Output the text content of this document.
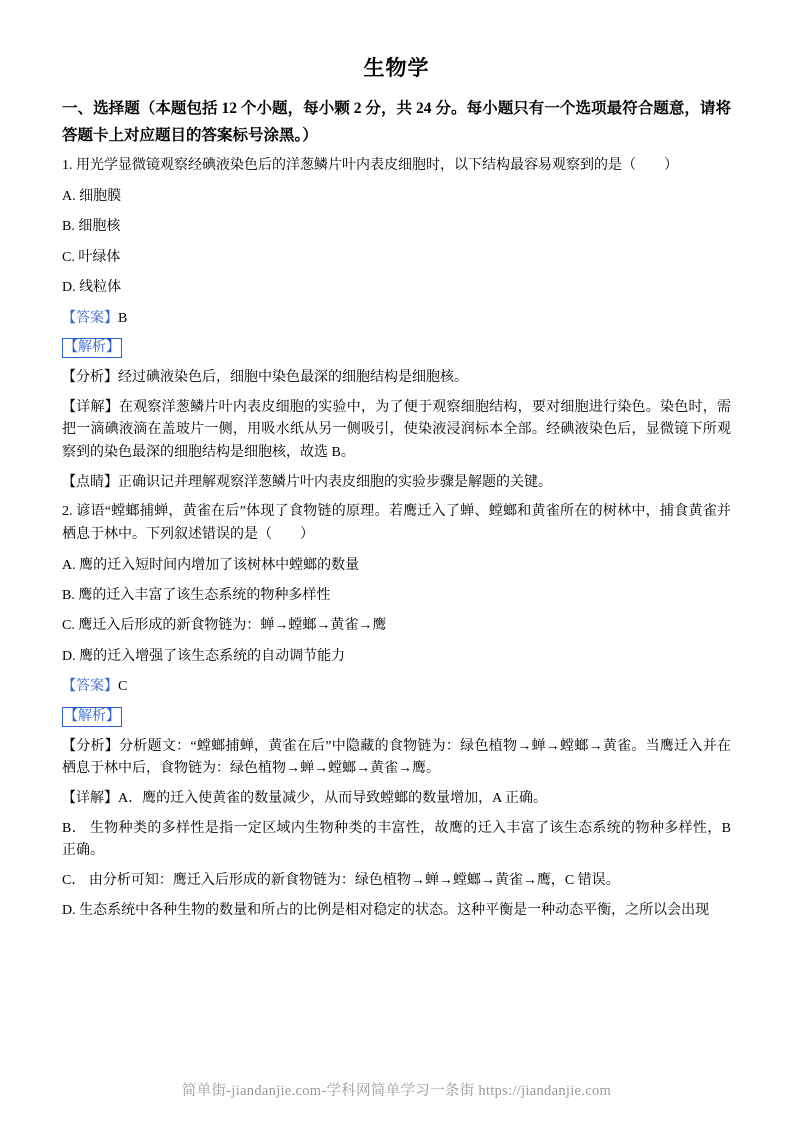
生物学

一、选择题（本题包括 12 个小题，每小颗 2 分，共 24 分。每小题只有一个选项最符合题意，请将答题卡上对应题目的答案标号涂黑。）

1. 用光学显微镜观察经碘液染色后的洋葱鳞片叶内表皮细胞时，以下结构最容易观察到的是（　　）

A. 细胞膜

B. 细胞核

C. 叶绿体

D. 线粒体

【答案】B

【解析】

【分析】经过碘液染色后，细胞中染色最深的细胞结构是细胞核。

【详解】在观察洋葱鳞片叶内表皮细胞的实验中，为了便于观察细胞结构，要对细胞进行染色。染色时，需把一滴碘液滴在盖玻片一侧，用吸水纸从另一侧吸引，使染液浸润标本全部。经碘液染色后，显微镜下所观察到的染色最深的细胞结构是细胞核，故选 B。

【点睛】正确识记并理解观察洋葱鳞片叶内表皮细胞的实验步骤是解题的关键。

2. 谚语“螳螂捕蝉，黄雀在后”体现了食物链的原理。若鹰迁入了蝉、螳螂和黄雀所在的树林中，捕食黄雀并栖息于林中。下列叙述错误的是（　　）

A. 鹰的迁入短时间内增加了该树林中螳螂的数量

B. 鹰的迁入丰富了该生态系统的物种多样性

C. 鹰迁入后形成的新食物链为：蝉→螳螂→黄雀→鹰

D. 鹰的迁入增强了该生态系统的自动调节能力

【答案】C

【解析】

【分析】分析题文：“螳螂捕蝉，黄雀在后”中隐藏的食物链为：绿色植物→蝉→螳螂→黄雀。当鹰迁入并在栖息于林中后，食物链为：绿色植物→蝉→螳螂→黄雀→鹰。

【详解】A．鹰的迁入使黄雀的数量减少，从而导致螳螂的数量增加，A 正确。

B． 生物种类的多样性是指一定区域内生物种类的丰富性，故鹰的迁入丰富了该生态系统的物种多样性，B 正确。

C． 由分析可知：鹰迁入后形成的新食物链为：绿色植物→蝉→螳螂→黄雀→鹰，C 错误。

D. 生态系统中各种生物的数量和所占的比例是相对稳定的状态。这种平衡是一种动态平衡，之所以会出现

简单街-jiandanjie.com-学科网简单学习一条街 https://jiandanjie.com
